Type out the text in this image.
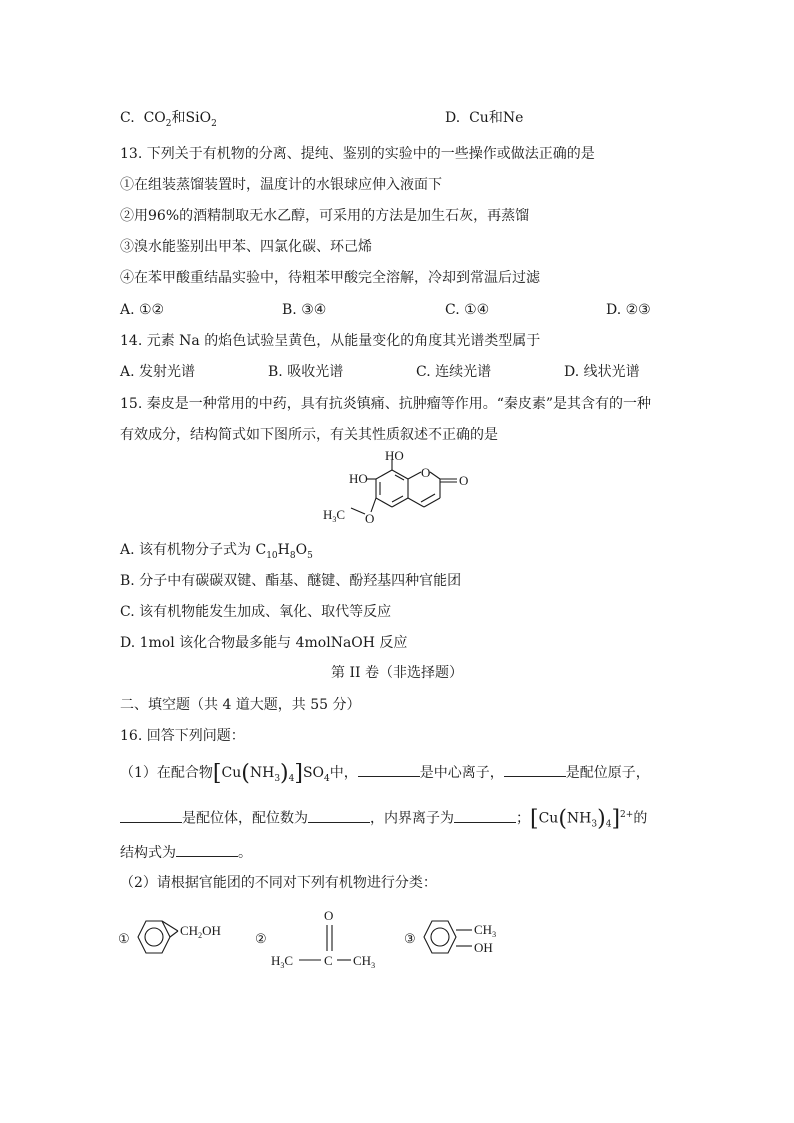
C. $CO_2$和SiO$_2$	D. Cu和Ne
13. 下列关于有机物的分离、提纯、鉴别的实验中的一些操作或做法正确的是
①在组装蒸馏装置时，温度计的水银球应伸入液面下
②用96%的酒精制取无水乙醇，可采用的方法是加生石灰，再蒸馏
③溴水能鉴别出甲苯、四氯化碳、环己烯
④在苯甲酸重结晶实验中，待粗苯甲酸完全溶解，冷却到常温后过滤
A. ①②	B. ③④	C. ①④	D. ②③
14. 元素 Na 的焰色试验呈黄色，从能量变化的角度其光谱类型属于
A. 发射光谱	B. 吸收光谱	C. 连续光谱	D. 线状光谱
15. 秦皮是一种常用的中药，具有抗炎镇痛、抗肿瘤等作用。“秦皮素”是其含有的一种
有效成分，结构简式如下图所示，有关其性质叙述不正确的是
HO
HO	O
O
O
$H_3C$
A. 该有机物分子式为 $C_{10}H_8O_5$
B. 分子中有碳碳双键、酯基、醚键、酚羟基四种官能团
C. 该有机物能发生加成、氧化、取代等反应
D. 1mol 该化合物最多能与 4molNaOH 反应
第 II 卷（非选择题）
二、填空题（共 4 道大题，共 55 分）
16. 回答下列问题：
（1）在配合物$[Cu(NH_3)_4]SO_4$中，	是中心离子，	是配位原子，
是配位体，配位数为	，内界离子为	；$[Cu(NH_3)_4]^{2+}$的
结构式为	。
（2）请根据官能团的不同对下列有机物进行分类：
①
$CH_2OH$
②
O
$H_3C$ C $CH_3$
③
$CH_3$
OH
